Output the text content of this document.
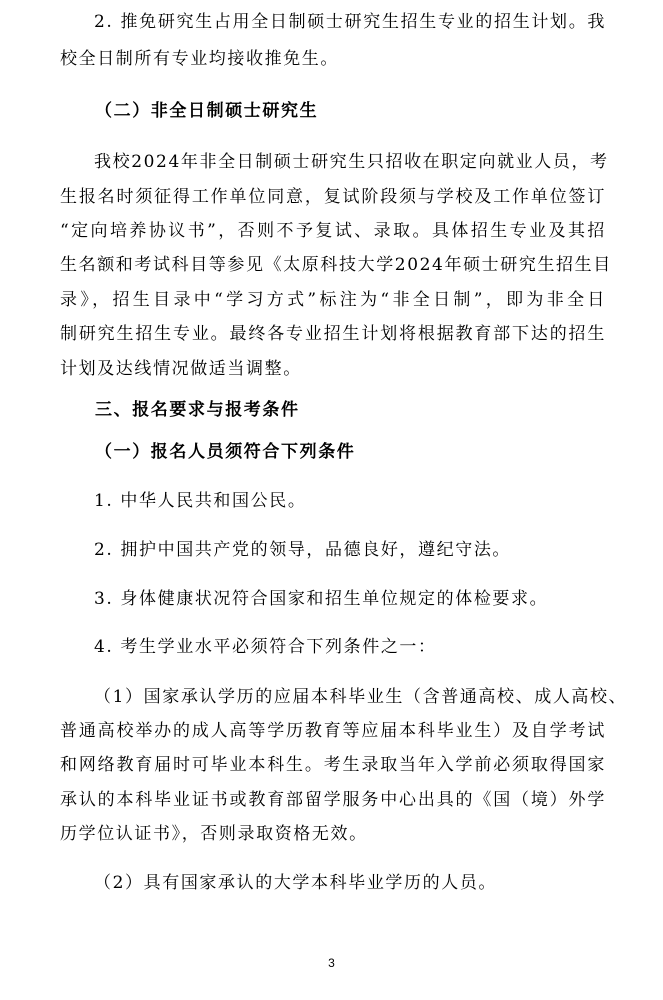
2. 推免研究生占用全日制硕士研究生招生专业的招生计划。我
校全日制所有专业均接收推免生。
（二）非全日制硕士研究生
我校2024年非全日制硕士研究生只招收在职定向就业人员，考
生报名时须征得工作单位同意，复试阶段须与学校及工作单位签订
“定向培养协议书”，否则不予复试、录取。具体招生专业及其招
生名额和考试科目等参见《太原科技大学2024年硕士研究生招生目
录》，招生目录中“学习方式”标注为“非全日制”，即为非全日
制研究生招生专业。最终各专业招生计划将根据教育部下达的招生
计划及达线情况做适当调整。
三、报名要求与报考条件
（一）报名人员须符合下列条件
1. 中华人民共和国公民。
2. 拥护中国共产党的领导，品德良好，遵纪守法。
3. 身体健康状况符合国家和招生单位规定的体检要求。
4. 考生学业水平必须符合下列条件之一：
（1）国家承认学历的应届本科毕业生（含普通高校、成人高校、
普通高校举办的成人高等学历教育等应届本科毕业生）及自学考试
和网络教育届时可毕业本科生。考生录取当年入学前必须取得国家
承认的本科毕业证书或教育部留学服务中心出具的《国（境）外学
历学位认证书》，否则录取资格无效。
（2）具有国家承认的大学本科毕业学历的人员。
3
